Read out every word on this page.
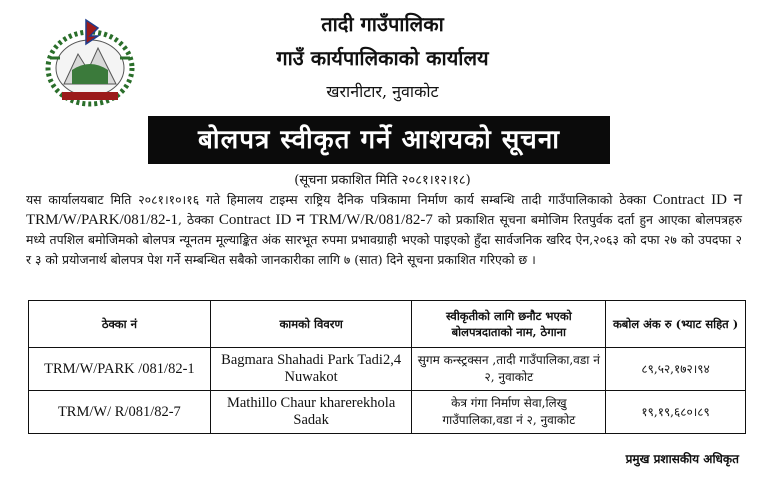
तादी गाउँपालिका
गाउँ कार्यपालिकाको कार्यालय
खरानीटार, नुवाकोट
बोलपत्र स्वीकृत गर्ने आशयको सूचना
(सूचना प्रकाशित मिति २०८१।१२।१८)
यस कार्यालयबाट मिति २०८१।१०।१६ गते हिमालय टाइम्स राष्ट्रिय दैनिक पत्रिकामा निर्माण कार्य सम्बन्धि तादी गाउँपालिकाको ठेक्का Contract ID न TRM/W/PARK/081/82-1, ठेक्का Contract ID न TRM/W/R/081/82-7 को प्रकाशित सूचना बमोजिम रितपुर्वक दर्ता हुन आएका बोलपत्रहरु मध्ये तपशिल बमोजिमको बोलपत्र न्यूनतम मूल्याङ्कित अंक सारभूत रुपमा प्रभावग्राही भएको पाइएको हुँदा सार्वजनिक खरिद ऐन,२०६३ को दफा २७ को उपदफा २ र ३ को प्रयोजनार्थ बोलपत्र पेश गर्ने सम्बन्धित सबैको जानकारीका लागि ७ (सात) दिने सूचना प्रकाशित गरिएको छ ।
ठेक्का नं	कामको विवरण	स्वीकृतीको लागि छनौट भएको बोलपत्रदाताको नाम, ठेगाना	कबोल अंक रु (भ्याट सहित )
TRM/W/PARK /081/82-1	Bagmara Shahadi Park Tadi2,4 Nuwakot	सुगम कन्स्ट्रक्सन ,तादी गाउँपालिका,वडा नं २, नुवाकोट	८९,५२,१७२।९४
TRM/W/ R/081/82-7	Mathillo Chaur kharerekhola Sadak	केत्र गंगा निर्माण सेवा,लिखु गाउँपालिका,वडा नं २, नुवाकोट	१९,१९,६८०।८९
प्रमुख प्रशासकीय अधिकृत
